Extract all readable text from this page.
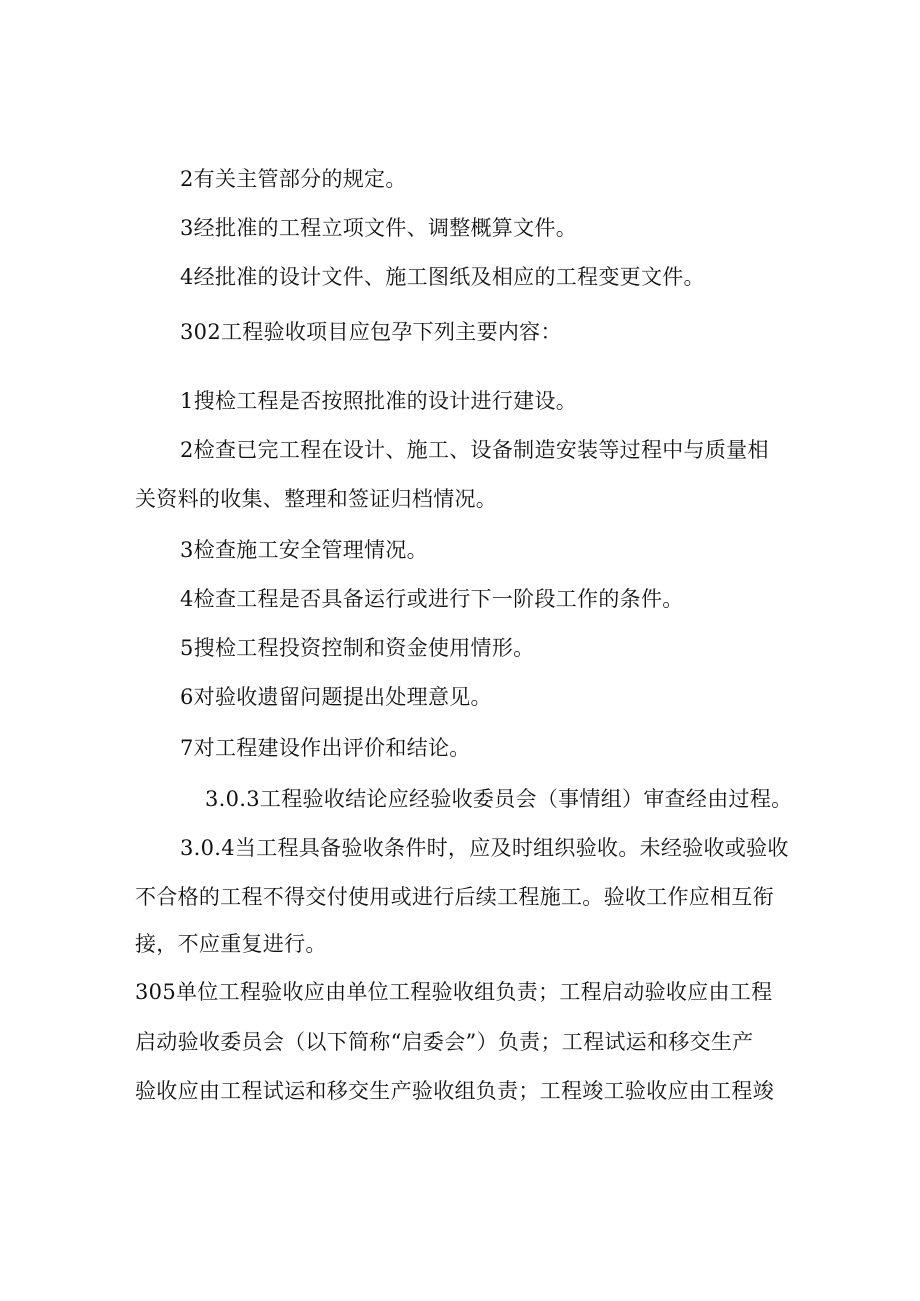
2有关主管部分的规定。
3经批准的工程立项文件、调整概算文件。
4经批准的设计文件、施工图纸及相应的工程变更文件。
302工程验收项目应包孕下列主要内容：
1搜检工程是否按照批准的设计进行建设。
2检查已完工程在设计、施工、设备制造安装等过程中与质量相
关资料的收集、整理和签证归档情况。
3检查施工安全管理情况。
4检查工程是否具备运行或进行下一阶段工作的条件。
5搜检工程投资控制和资金使用情形。
6对验收遗留问题提出处理意见。
7对工程建设作出评价和结论。
3.0.3工程验收结论应经验收委员会（事情组）审查经由过程。
3.0.4当工程具备验收条件时，应及时组织验收。未经验收或验收
不合格的工程不得交付使用或进行后续工程施工。验收工作应相互衔
接，不应重复进行。
305单位工程验收应由单位工程验收组负责；工程启动验收应由工程
启动验收委员会（以下简称“启委会”）负责；工程试运和移交生产
验收应由工程试运和移交生产验收组负责；工程竣工验收应由工程竣
